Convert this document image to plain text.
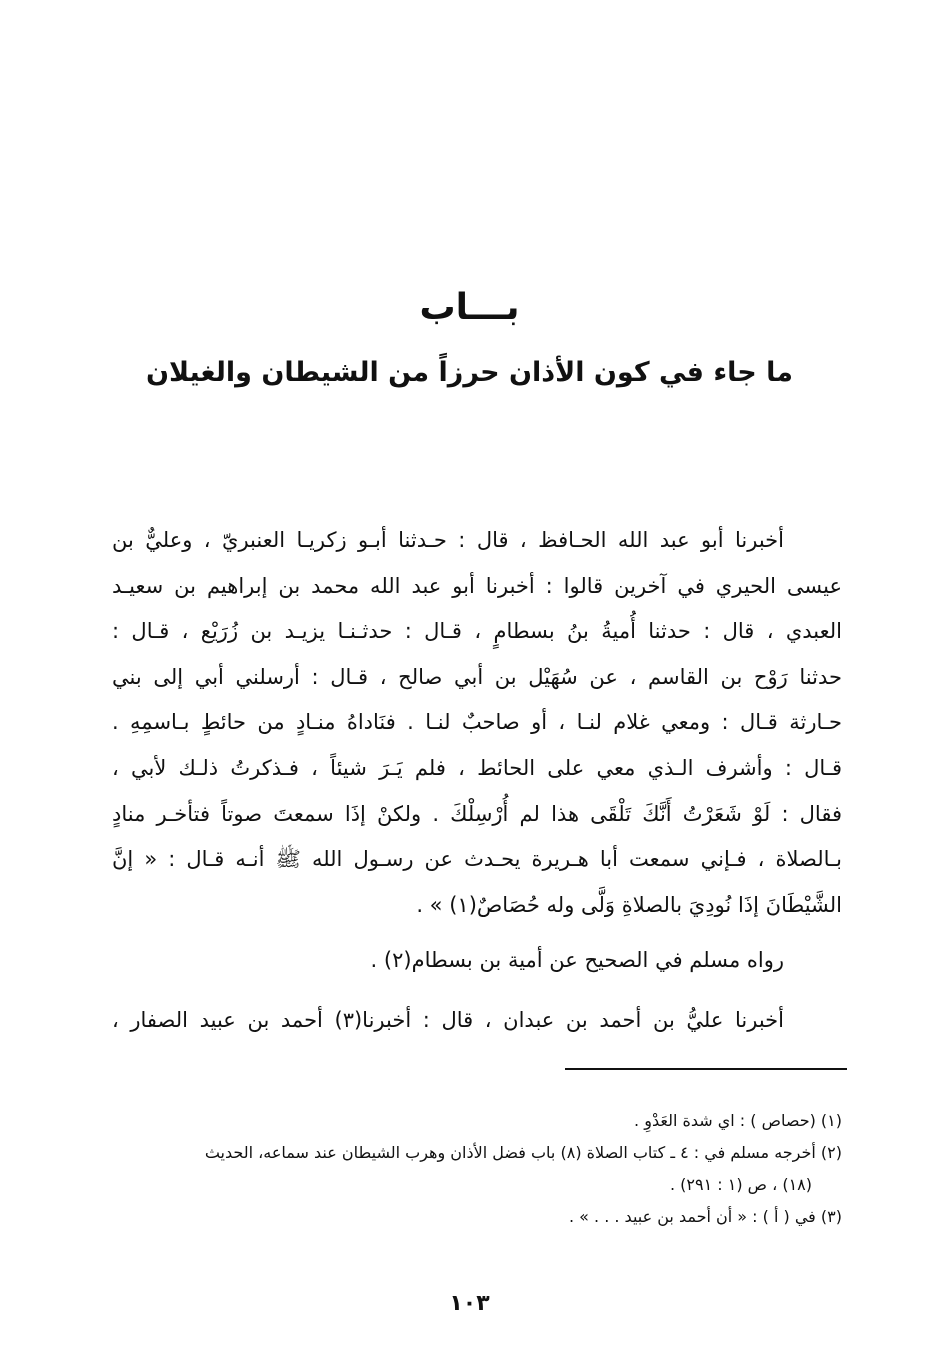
بـــاب
ما جاء في كون الأذان حرزاً من الشيطان والغيلان
أخبرنا أبو عبد الله الحـافظ ، قال : حـدثنا أبـو زكريـا العنبريّ ، وعليٌّ بن
عيسى الحيري في آخرين قالوا : أخبرنا أبو عبد الله محمد بن إبراهيم بن سعيـد
العبدي ، قال : حدثنا أُميةُ بنُ بسطامٍ ، قـال : حدثـنـا يزيـد بن زُرَيْع ، قـال :
حدثنا رَوْح بن القاسم ، عن سُهَيْل بن أبي صالح ، قـال : أرسلني أبي إلى بني
حـارثة قـال : ومعي غلام لنـا ، أو صاحبٌ لنـا . فنَاداهُ منـادٍ من حائطٍ بـاسمِهِ .
قـال : وأشرف الـذي معي على الحائط ، فلم يَـرَ شيئاً ، فـذكرتُ ذلـك لأبي ،
فقال : لَوْ شَعَرْتُ أَنَّكَ تَلْقَى هذا لم أُرْسِلْكَ . ولكنْ إذَا سمعتَ صوتاً فتأخـر منادٍ
بـالصلاة ، فـإني سمعت أبا هـريرة يحـدث عن رسـول الله ﷺ أنـه قـال : « إنَّ
الشَّيْطَانَ إذَا نُودِيَ بالصلاةِ وَلَّى وله حُصَاصٌ(١) » .
رواه مسلم في الصحيح عن أمية بن بسطام(٢) .
أخبرنا عليُّ بن أحمد بن عبدان ، قال : أخبرنا(٣) أحمد بن عبيد الصفار ،
(١) (حصاص ) : اي شدة العَدْوِ .
(٢) أخرجه مسلم في : ٤ ـ كتاب الصلاة (٨) باب فضل الأذان وهرب الشيطان عند سماعه، الحديث
(١٨) ، ص (١ : ٢٩١) .
(٣) في ( أ ) : « أن أحمد بن عبيد . . . » .
١٠٣
